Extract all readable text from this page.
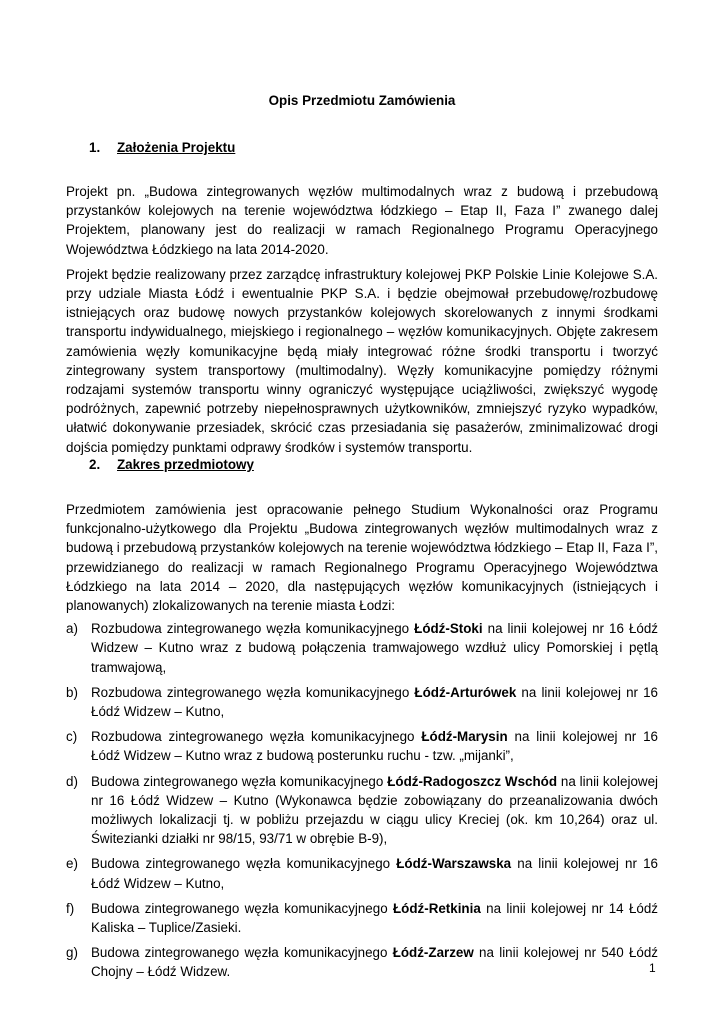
Opis Przedmiotu Zamówienia
1. Założenia Projektu

Projekt pn. „Budowa zintegrowanych węzłów multimodalnych wraz z budową i przebudową przystanków kolejowych na terenie województwa łódzkiego – Etap II, Faza I” zwanego dalej Projektem, planowany jest do realizacji w ramach Regionalnego Programu Operacyjnego Województwa Łódzkiego na lata 2014-2020.

Projekt będzie realizowany przez zarządcę infrastruktury kolejowej PKP Polskie Linie Kolejowe S.A. przy udziale Miasta Łódź i ewentualnie PKP S.A. i będzie obejmował przebudowę/rozbudowę istniejących oraz budowę nowych przystanków kolejowych skorelowanych z innymi środkami transportu indywidualnego, miejskiego i regionalnego – węzłów komunikacyjnych. Objęte zakresem zamówienia węzły komunikacyjne będą miały integrować różne środki transportu i tworzyć zintegrowany system transportowy (multimodalny). Węzły komunikacyjne pomiędzy różnymi rodzajami systemów transportu winny ograniczyć występujące uciążliwości, zwiększyć wygodę podróżnych, zapewnić potrzeby niepełnosprawnych użytkowników, zmniejszyć ryzyko wypadków, ułatwić dokonywanie przesiadek, skrócić czas przesiadania się pasażerów, zminimalizować drogi dojścia pomiędzy punktami odprawy środków i systemów transportu.

2. Zakres przedmiotowy

Przedmiotem zamówienia jest opracowanie pełnego Studium Wykonalności oraz Programu funkcjonalno-użytkowego dla Projektu „Budowa zintegrowanych węzłów multimodalnych wraz z budową i przebudową przystanków kolejowych na terenie województwa łódzkiego – Etap II, Faza I”, przewidzianego do realizacji w ramach Regionalnego Programu Operacyjnego Województwa Łódzkiego na lata 2014 – 2020, dla następujących węzłów komunikacyjnych (istniejących i planowanych) zlokalizowanych na terenie miasta Łodzi:

a) Rozbudowa zintegrowanego węzła komunikacyjnego Łódź-Stoki na linii kolejowej nr 16 Łódź Widzew – Kutno wraz z budową połączenia tramwajowego wzdłuż ulicy Pomorskiej i pętlą tramwajową,
b) Rozbudowa zintegrowanego węzła komunikacyjnego Łódź-Arturówek na linii kolejowej nr 16 Łódź Widzew – Kutno,
c) Rozbudowa zintegrowanego węzła komunikacyjnego Łódź-Marysin na linii kolejowej nr 16 Łódź Widzew – Kutno wraz z budową posterunku ruchu - tzw. „mijanki”,
d) Budowa zintegrowanego węzła komunikacyjnego Łódź-Radogoszcz Wschód na linii kolejowej nr 16 Łódź Widzew – Kutno (Wykonawca będzie zobowiązany do przeanalizowania dwóch możliwych lokalizacji tj. w pobliżu przejazdu w ciągu ulicy Kreciej (ok. km 10,264) oraz ul. Świtezianki działki nr 98/15, 93/71 w obrębie B-9),
e) Budowa zintegrowanego węzła komunikacyjnego Łódź-Warszawska na linii kolejowej nr 16 Łódź Widzew – Kutno,
f) Budowa zintegrowanego węzła komunikacyjnego Łódź-Retkinia na linii kolejowej nr 14 Łódź Kaliska – Tuplice/Zasieki.
g) Budowa zintegrowanego węzła komunikacyjnego Łódź-Zarzew na linii kolejowej nr 540 Łódź Chojny – Łódź Widzew.	1
